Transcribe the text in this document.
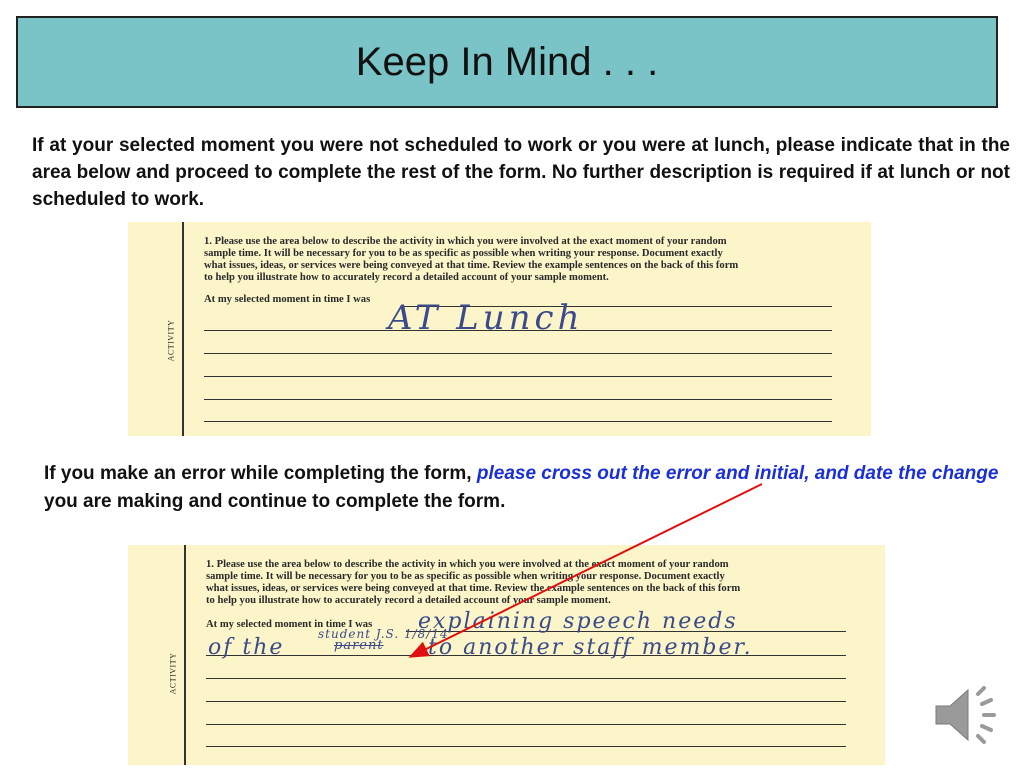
Keep In Mind . . .
If at your selected moment you were not scheduled to work or you were at lunch, please indicate that in the area below and proceed to complete the rest of the form. No further description is required if at lunch or not scheduled to work.
ACTIVITY
1. Please use the area below to describe the activity in which you were involved at the exact moment of your random
sample time. It will be necessary for you to be as specific as possible when writing your response. Document exactly
what issues, ideas, or services were being conveyed at that time. Review the example sentences on the back of this form
to help you illustrate how to accurately record a detailed account of your sample moment.
At my selected moment in time I was AT Lunch
If you make an error while completing the form, please cross out the error and initial, and date the change you are making and continue to complete the form.
ACTIVITY
1. Please use the area below to describe the activity in which you were involved at the exact moment of your random
sample time. It will be necessary for you to be as specific as possible when writing your response. Document exactly
what issues, ideas, or services were being conveyed at that time. Review the example sentences on the back of this form
to help you illustrate how to accurately record a detailed account of your sample moment.
At my selected moment in time I was explaining speech needs
of the
student J.S. 1/8/14
parent to another staff member.
